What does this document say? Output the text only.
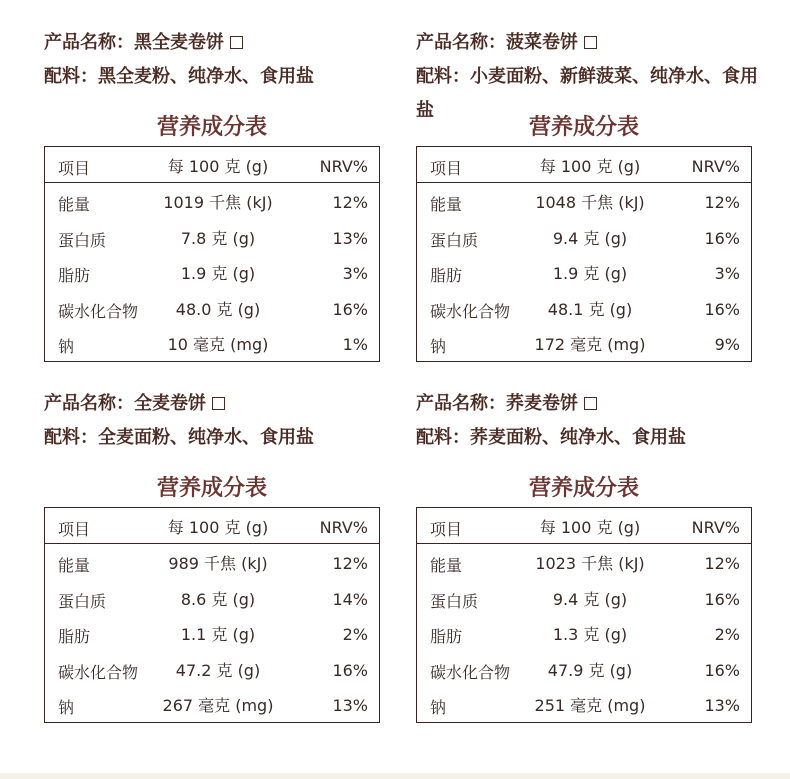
产品名称：黑全麦卷饼
配料：黑全麦粉、纯净水、食用盐
营养成分表
项目	每 100 克 (g)	NRV%
能量	1019 千焦 (kJ)	12%
蛋白质	7.8 克 (g)	13%
脂肪	1.9 克 (g)	3%
碳水化合物	48.0 克 (g)	16%
钠	10 毫克 (mg)	1%
产品名称：菠菜卷饼
配料：小麦面粉、新鲜菠菜、纯净水、食用盐
营养成分表
项目	每 100 克 (g)	NRV%
能量	1048 千焦 (kJ)	12%
蛋白质	9.4 克 (g)	16%
脂肪	1.9 克 (g)	3%
碳水化合物	48.1 克 (g)	16%
钠	172 毫克 (mg)	9%
产品名称：全麦卷饼
配料：全麦面粉、纯净水、食用盐
营养成分表
项目	每 100 克 (g)	NRV%
能量	989 千焦 (kJ)	12%
蛋白质	8.6 克 (g)	14%
脂肪	1.1 克 (g)	2%
碳水化合物	47.2 克 (g)	16%
钠	267 毫克 (mg)	13%
产品名称：荞麦卷饼
配料：荞麦面粉、纯净水、食用盐
营养成分表
项目	每 100 克 (g)	NRV%
能量	1023 千焦 (kJ)	12%
蛋白质	9.4 克 (g)	16%
脂肪	1.3 克 (g)	2%
碳水化合物	47.9 克 (g)	16%
钠	251 毫克 (mg)	13%
